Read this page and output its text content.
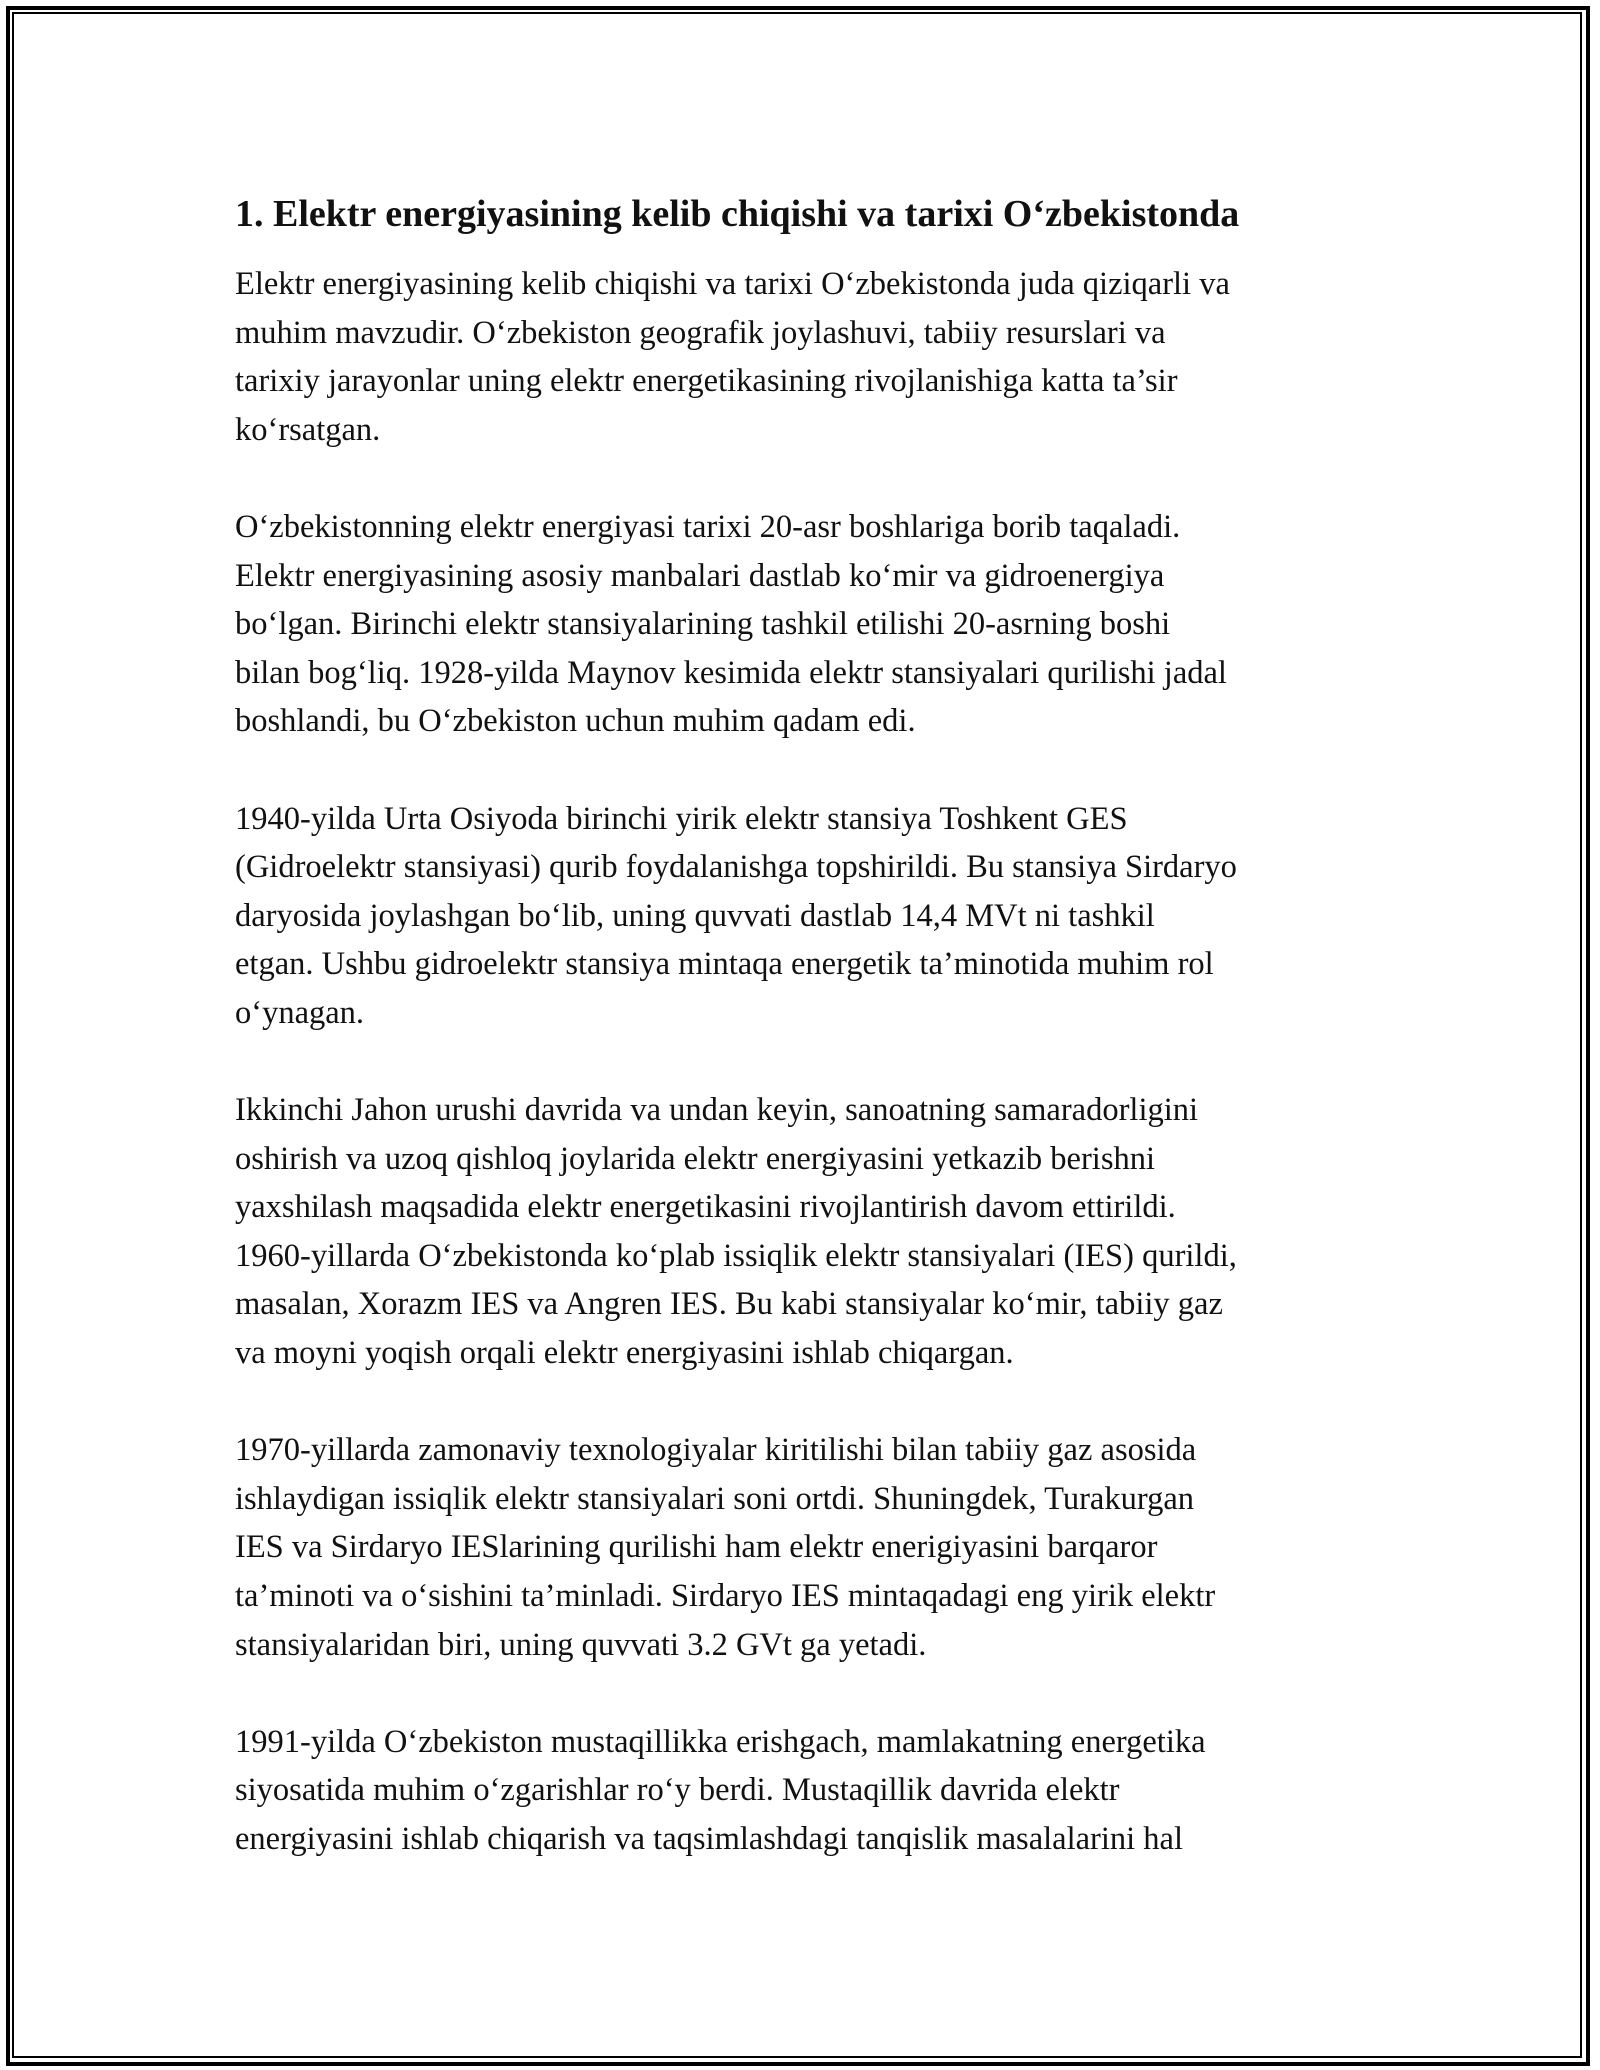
1. Elektr energiyasining kelib chiqishi va tarixi O‘zbekistonda

Elektr energiyasining kelib chiqishi va tarixi O‘zbekistonda juda qiziqarli va
muhim mavzudir. O‘zbekiston geografik joylashuvi, tabiiy resurslari va
tarixiy jarayonlar uning elektr energetikasining rivojlanishiga katta ta’sir
ko‘rsatgan.

O‘zbekistonning elektr energiyasi tarixi 20-asr boshlariga borib taqaladi.
Elektr energiyasining asosiy manbalari dastlab ko‘mir va gidroenergiya
bo‘lgan. Birinchi elektr stansiyalarining tashkil etilishi 20-asrning boshi
bilan bog‘liq. 1928-yilda Maynov kesimida elektr stansiyalari qurilishi jadal
boshlandi, bu O‘zbekiston uchun muhim qadam edi.

1940-yilda Urta Osiyoda birinchi yirik elektr stansiya Toshkent GES
(Gidroelektr stansiyasi) qurib foydalanishga topshirildi. Bu stansiya Sirdaryo
daryosida joylashgan bo‘lib, uning quvvati dastlab 14,4 MVt ni tashkil
etgan. Ushbu gidroelektr stansiya mintaqa energetik ta’minotida muhim rol
o‘ynagan.

Ikkinchi Jahon urushi davrida va undan keyin, sanoatning samaradorligini
oshirish va uzoq qishloq joylarida elektr energiyasini yetkazib berishni
yaxshilash maqsadida elektr energetikasini rivojlantirish davom ettirildi.
1960-yillarda O‘zbekistonda ko‘plab issiqlik elektr stansiyalari (IES) qurildi,
masalan, Xorazm IES va Angren IES. Bu kabi stansiyalar ko‘mir, tabiiy gaz
va moyni yoqish orqali elektr energiyasini ishlab chiqargan.

1970-yillarda zamonaviy texnologiyalar kiritilishi bilan tabiiy gaz asosida
ishlaydigan issiqlik elektr stansiyalari soni ortdi. Shuningdek, Turakurgan
IES va Sirdaryo IESlarining qurilishi ham elektr enerigiyasini barqaror
ta’minoti va o‘sishini ta’minladi. Sirdaryo IES mintaqadagi eng yirik elektr
stansiyalaridan biri, uning quvvati 3.2 GVt ga yetadi.

1991-yilda O‘zbekiston mustaqillikka erishgach, mamlakatning energetika
siyosatida muhim o‘zgarishlar ro‘y berdi. Mustaqillik davrida elektr
energiyasini ishlab chiqarish va taqsimlashdagi tanqislik masalalarini hal
